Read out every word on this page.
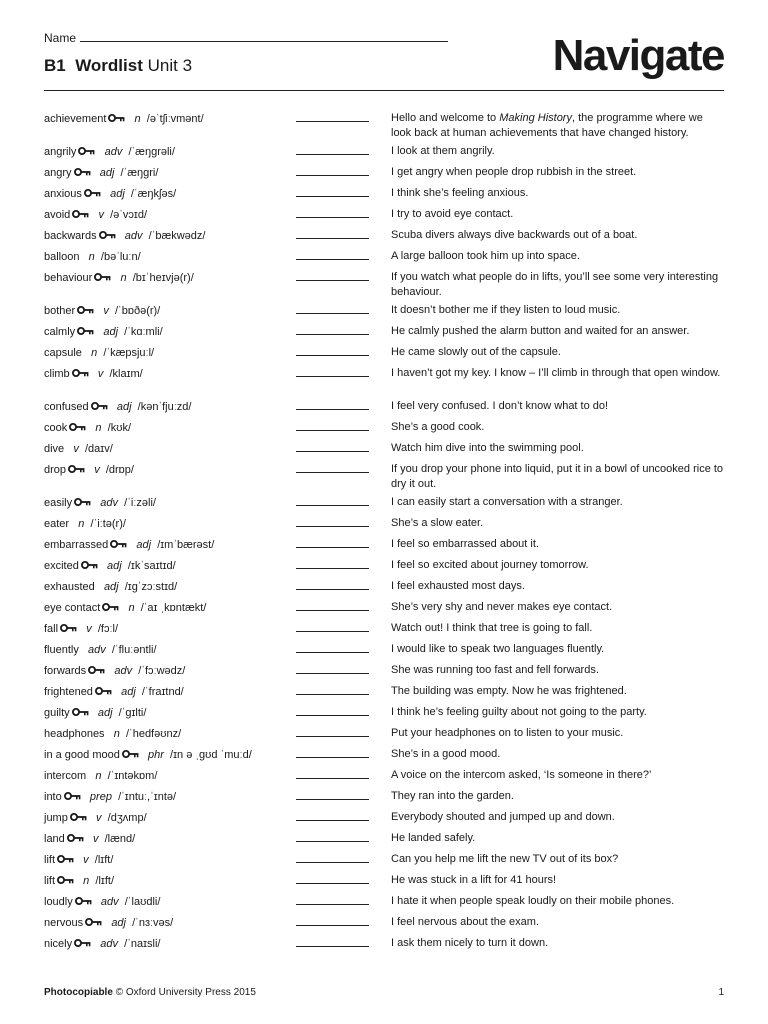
Name
B1 Wordlist Unit 3	Navigate
achievement	n /əˈtʃiːvmənt/	Hello and welcome to Making History, the programme where we look back at human achievements that have changed history.
angrily	adv /ˈæŋɡrəli/	I look at them angrily.
angry	adj /ˈæŋɡri/	I get angry when people drop rubbish in the street.
anxious	adj /ˈæŋkʃəs/	I think she’s feeling anxious.
avoid	v /əˈvɔɪd/	I try to avoid eye contact.
backwards	adv /ˈbækwədz/	Scuba divers always dive backwards out of a boat.
balloon n /bəˈluːn/	A large balloon took him up into space.
behaviour	n /bɪˈheɪvjə(r)/	If you watch what people do in lifts, you’ll see some very interesting behaviour.
bother	v /ˈbɒðə(r)/	It doesn’t bother me if they listen to loud music.
calmly	adj /ˈkɑːmli/	He calmly pushed the alarm button and waited for an answer.
capsule n /ˈkæpsjuːl/	He came slowly out of the capsule.
climb	v /klaɪm/	I haven’t got my key. I know – I’ll climb in through that open window.
confused	adj /kənˈfjuːzd/	I feel very confused. I don’t know what to do!
cook	n /kʊk/	She’s a good cook.
dive v /daɪv/	Watch him dive into the swimming pool.
drop	v /drɒp/	If you drop your phone into liquid, put it in a bowl of uncooked rice to dry it out.
easily	adv /ˈiːzəli/	I can easily start a conversation with a stranger.
eater n /ˈiːtə(r)/	She’s a slow eater.
embarrassed	adj /ɪmˈbærəst/	I feel so embarrassed about it.
excited	adj /ɪkˈsaɪtɪd/	I feel so excited about journey tomorrow.
exhausted adj /ɪɡˈzɔːstɪd/	I feel exhausted most days.
eye contact	n /ˈaɪ ˌkɒntækt/	She’s very shy and never makes eye contact.
fall	v /fɔːl/	Watch out! I think that tree is going to fall.
fluently adv /ˈfluːəntli/	I would like to speak two languages fluently.
forwards	adv /ˈfɔːwədz/	She was running too fast and fell forwards.
frightened	adj /ˈfraɪtnd/	The building was empty. Now he was frightened.
guilty	adj /ˈɡɪlti/	I think he’s feeling guilty about not going to the party.
headphones n /ˈhedfəʊnz/	Put your headphones on to listen to your music.
in a good mood	phr /ɪn ə ˌɡʊd ˈmuːd/	She’s in a good mood.
intercom n /ˈɪntəkɒm/	A voice on the intercom asked, ‘Is someone in there?’
into	prep /ˈɪntuː,ˈɪntə/	They ran into the garden.
jump	v /dʒʌmp/	Everybody shouted and jumped up and down.
land	v /lænd/	He landed safely.
lift	v /lɪft/	Can you help me lift the new TV out of its box?
lift	n /lɪft/	He was stuck in a lift for 41 hours!
loudly	adv /ˈlaʊdli/	I hate it when people speak loudly on their mobile phones.
nervous	adj /ˈnɜːvəs/	I feel nervous about the exam.
nicely	adv /ˈnaɪsli/	I ask them nicely to turn it down.
Photocopiable © Oxford University Press 2015	1
